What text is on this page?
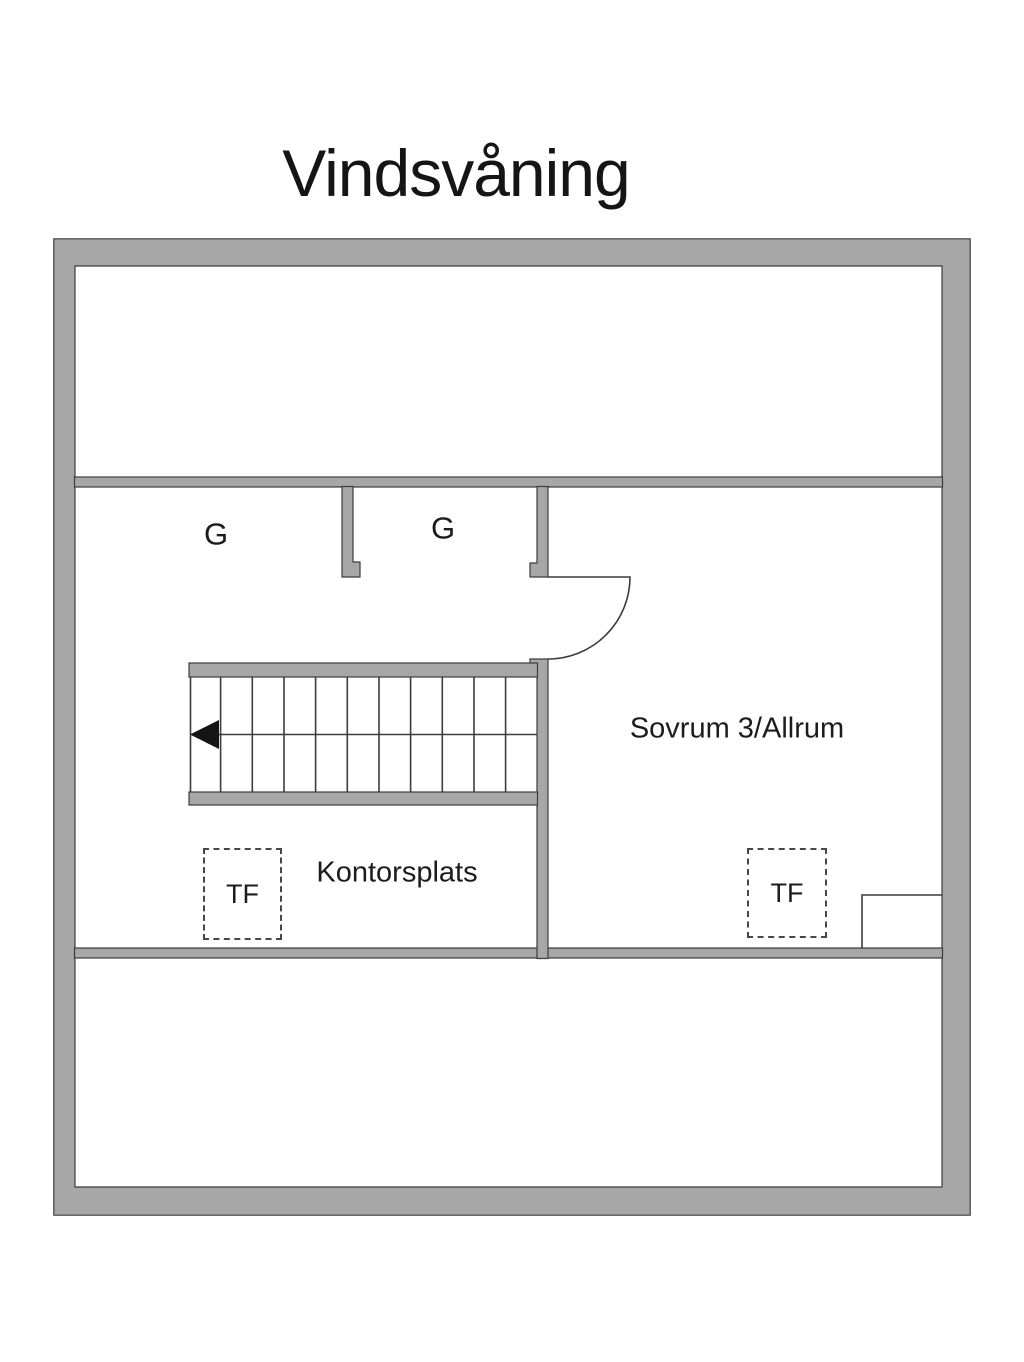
Vindsvåning
G	G
Sovrum 3/Allrum
Kontorsplats
TF	TF
